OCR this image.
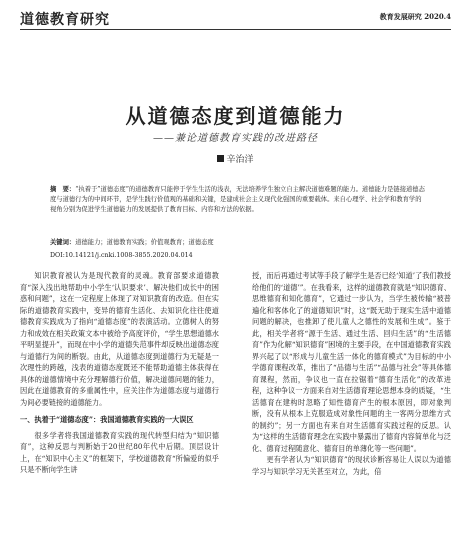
道德教育研究	教育发展研究 2020.4
从道德态度到道德能力
——兼论道德教育实践的改进路径
辛治洋
摘　要：“执着于”道德态度”的道德教育只能停于学生生活的浅表，无法培养学生独立自主解决道德难题的能力。道德能力是链接道德态度与道德行为的中间环节，是学生践行价值观的基础和关键，是建成社会主义现代化强国的重要载体。来自心理学、社会学和教育学的视角分别为促进学生道德能力的发展提供了教育目标、内容和方法的依据。
关键词：道德能力；道德教育实践；价值观教育；道德态度
DOI:10.14121/j.cnki.1008-3855.2020.04.014

知识教育被认为是现代教育的灵魂。教育部要求道德教育“深入浅出地帮助中小学生‘认识要求’、解决他们成长中的困惑和问题”，这在一定程度上体现了对知识教育的改造。但在实际的道德教育实践中，变异的德育生活化、去知识化往往使道德教育实践成为了指向“道德态度”的表演活动。立德树人的努力和成效在相关政策文本中被给予高度评价，“学生思想道德水平明显提升”，而现在中小学的道德失范事件却反映出道德态度与道德行为间的断裂。由此，从道德态度到道德行为无疑是一次理性的跨越，浅表的道德态度既还不能帮助道德主体获得在具体的道德情境中充分理解德行价值，解决道德问题的能力，因此在道德教育的多重属性中，应关注作为道德态度与道德行为间必要链接的道德能力。

一、执着于“道德态度”：我国道德教育实践的一大误区

很多学者将我国道德教育实践的现代转型归结为“知识德育”，这种反思与判断始于20世纪80年代中后期。顶层设计上，在“知识中心主义”的框架下，学校道德教育“所偏爱的似乎只是不断向学生讲

授，而后再通过考试等手段了解学生是否已经‘知道’了我们教授给他们的‘道德’”。在我看来，这样的道德教育就是“知识德育、思维德育和知化德育”，它通过一步认为，当学生被传输“被普遍化和客体化了的道德知识”时，这“既无助于现实生活中道德问题的解决，也推卸了使儿童人之德性的发展和生成”。鉴于此，相关学者将“源于生活、通过生活、回归生活”的“生活德育”作为化解“知识德育”困境的主要手段，在中国道德教育实践界兴起了以“形成与儿童生活一体化的德育模式”为目标的中小学德育课程改革，推出了“品德与生活”“品德与社会”等具体德育课程，然而，争议也一直在拉锯着“德育生活化”的改革进程，这种争议一方面来自对生活德育理论思想本身的质疑，“生活德育在建构时忽略了知性德育产生的根本原因，即对象判断，没有从根本上克服造成对象性问题的主一客两分思维方式的制约”；另一方面也有来自对生活德育实践过程的反思。认为“这样的生活德育理念在实践中暴露出了德育内容简单化与泛化、德育过程随意化、德育目的单薄化等一些问题”。

更有学者认为“知识德育”的现状诊断容易让人误以为道德学习与知识学习无关甚至对立，为此，倍
